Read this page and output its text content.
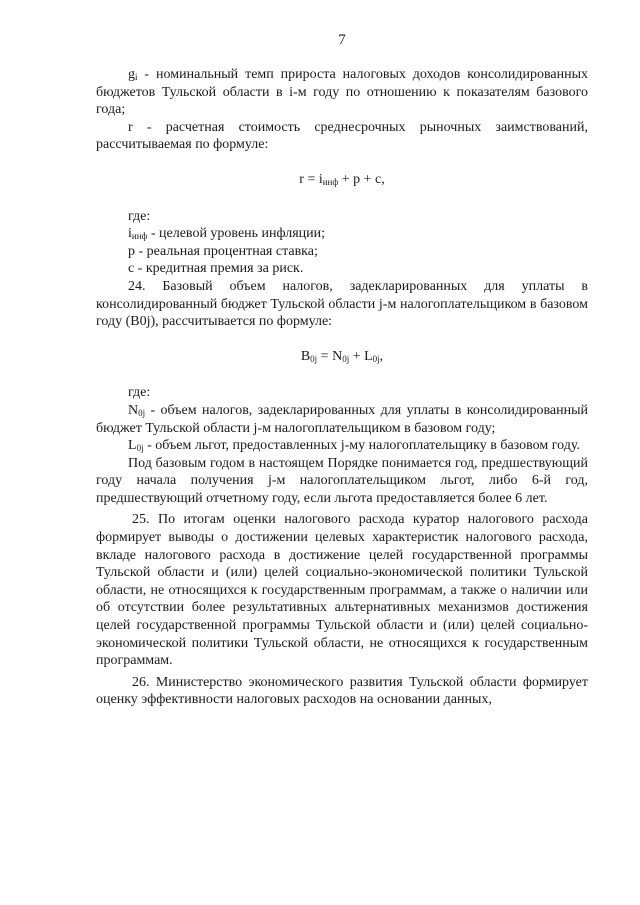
7

$g_i$ - номинальный темп прироста налоговых доходов консолидированных бюджетов Тульской области в i-м году по отношению к показателям базового года;

r - расчетная стоимость среднесрочных рыночных заимствований, рассчитываемая по формуле:

$r = i_{инф} + p + c$,

где:

$i_{инф}$ - целевой уровень инфляции;

p - реальная процентная ставка;

c - кредитная премия за риск.

24. Базовый объем налогов, задекларированных для уплаты в консолидированный бюджет Тульской области j-м налогоплательщиком в базовом году (B0j), рассчитывается по формуле:

$B_{0j} = N_{0j} + L_{0j}$,

где:

$N_{0j}$ - объем налогов, задекларированных для уплаты в консолидированный бюджет Тульской области j-м налогоплательщиком в базовом году;

$L_{0j}$ - объем льгот, предоставленных j-му налогоплательщику в базовом году.

Под базовым годом в настоящем Порядке понимается год, предшествующий году начала получения j-м налогоплательщиком льгот, либо 6-й год, предшествующий отчетному году, если льгота предоставляется более 6 лет.

25. По итогам оценки налогового расхода куратор налогового расхода формирует выводы о достижении целевых характеристик налогового расхода, вкладе налогового расхода в достижение целей государственной программы Тульской области и (или) целей социально-экономической политики Тульской области, не относящихся к государственным программам, а также о наличии или об отсутствии более результативных альтернативных механизмов достижения целей государственной программы Тульской области и (или) целей социально-экономической политики Тульской области, не относящихся к государственным программам.

26. Министерство экономического развития Тульской области формирует оценку эффективности налоговых расходов на основании данных,
